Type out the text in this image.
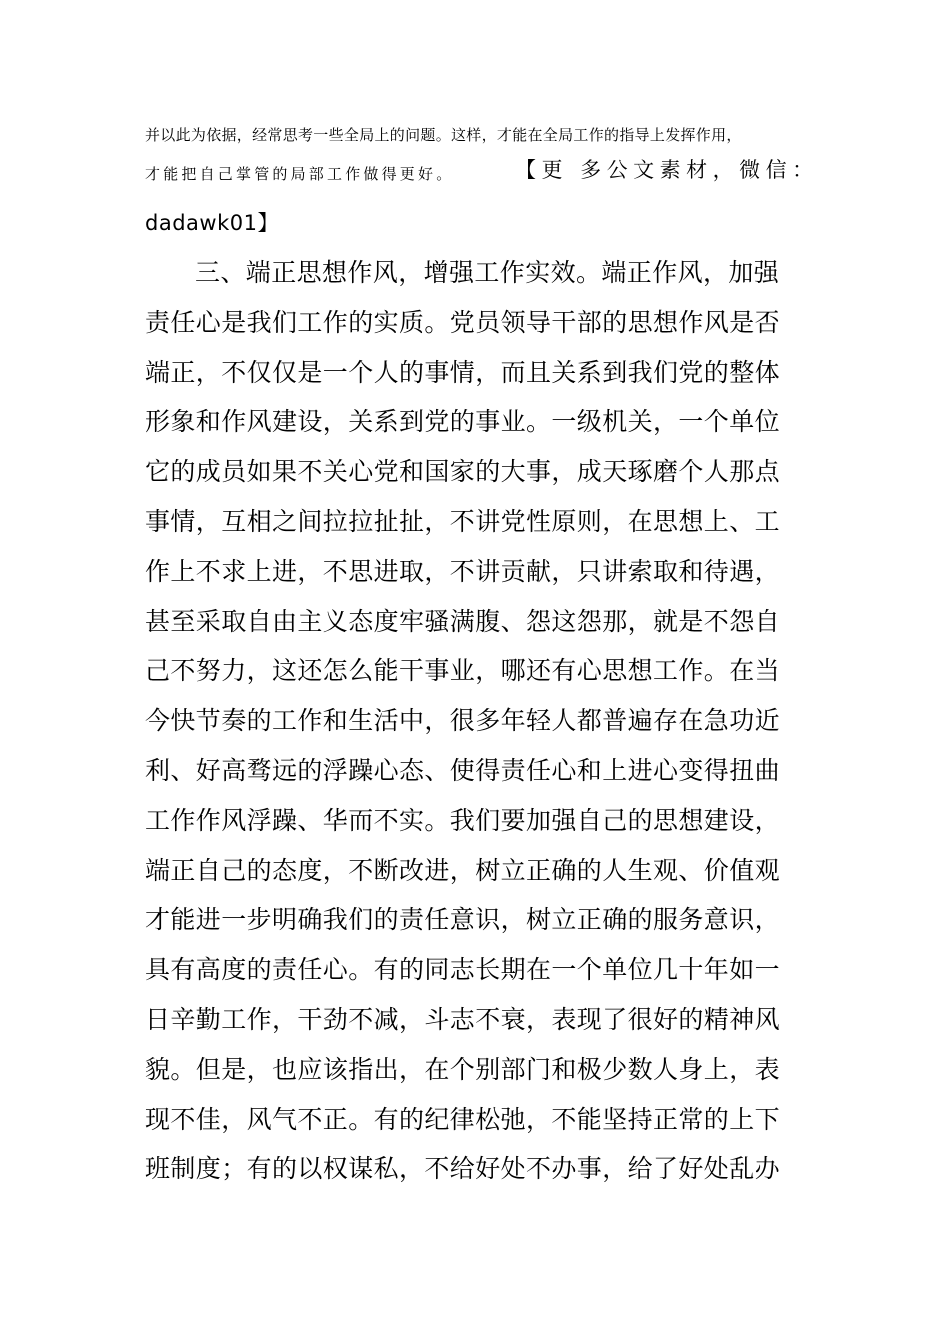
并以此为依据，经常思考一些全局上的问题。这样，才能在全局工作的指导上发挥作用，
才能把自己掌管的局部工作做得更好。	【更 多公文素材，微信：
dadawk01】
三、端正思想作风，增强工作实效。端正作风，加强
责任心是我们工作的实质。党员领导干部的思想作风是否
端正，不仅仅是一个人的事情，而且关系到我们党的整体
形象和作风建设，关系到党的事业。一级机关，一个单位
它的成员如果不关心党和国家的大事，成天琢磨个人那点
事情，互相之间拉拉扯扯，不讲党性原则，在思想上、工
作上不求上进，不思进取，不讲贡献，只讲索取和待遇，
甚至采取自由主义态度牢骚满腹、怨这怨那，就是不怨自
己不努力，这还怎么能干事业，哪还有心思想工作。在当
今快节奏的工作和生活中，很多年轻人都普遍存在急功近
利、好高骛远的浮躁心态、使得责任心和上进心变得扭曲
工作作风浮躁、华而不实。我们要加强自己的思想建设，
端正自己的态度，不断改进，树立正确的人生观、价值观
才能进一步明确我们的责任意识，树立正确的服务意识，
具有高度的责任心。有的同志长期在一个单位几十年如一
日辛勤工作，干劲不减，斗志不衰，表现了很好的精神风
貌。但是，也应该指出，在个别部门和极少数人身上，表
现不佳，风气不正。有的纪律松弛，不能坚持正常的上下
班制度；有的以权谋私，不给好处不办事，给了好处乱办
